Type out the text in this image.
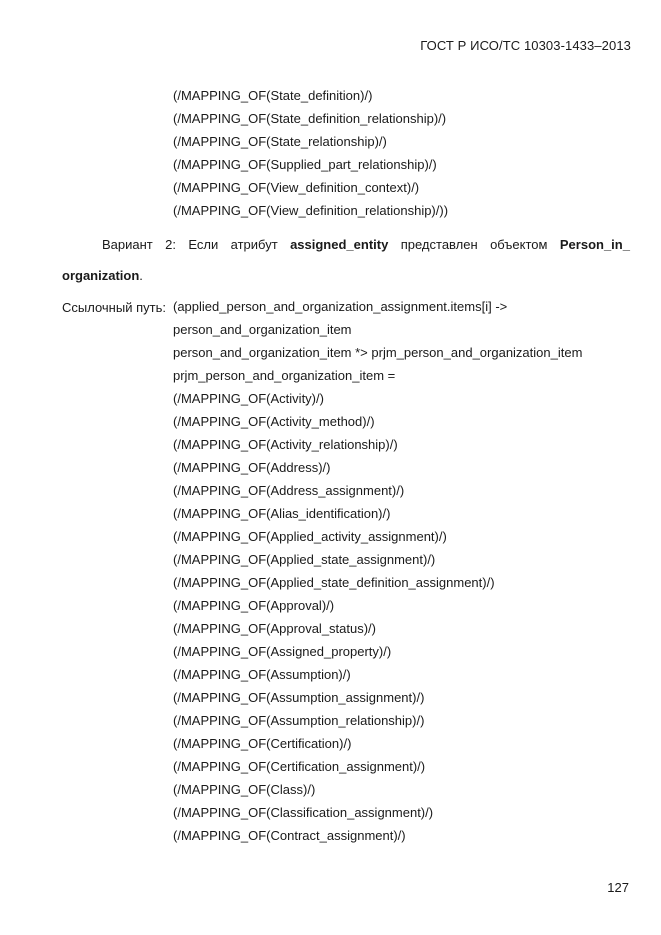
ГОСТ Р ИСО/ТС 10303-1433–2013
(/MAPPING_OF(State_definition)/)
(/MAPPING_OF(State_definition_relationship)/)
(/MAPPING_OF(State_relationship)/)
(/MAPPING_OF(Supplied_part_relationship)/)
(/MAPPING_OF(View_definition_context)/)
(/MAPPING_OF(View_definition_relationship)/))
Вариант 2: Если атрибут assigned_entity представлен объектом Person_in_
organization.
Ссылочный путь: (applied_person_and_organization_assignment.items[i] ->
person_and_organization_item
person_and_organization_item *> prjm_person_and_organization_item
prjm_person_and_organization_item =
(/MAPPING_OF(Activity)/)
(/MAPPING_OF(Activity_method)/)
(/MAPPING_OF(Activity_relationship)/)
(/MAPPING_OF(Address)/)
(/MAPPING_OF(Address_assignment)/)
(/MAPPING_OF(Alias_identification)/)
(/MAPPING_OF(Applied_activity_assignment)/)
(/MAPPING_OF(Applied_state_assignment)/)
(/MAPPING_OF(Applied_state_definition_assignment)/)
(/MAPPING_OF(Approval)/)
(/MAPPING_OF(Approval_status)/)
(/MAPPING_OF(Assigned_property)/)
(/MAPPING_OF(Assumption)/)
(/MAPPING_OF(Assumption_assignment)/)
(/MAPPING_OF(Assumption_relationship)/)
(/MAPPING_OF(Certification)/)
(/MAPPING_OF(Certification_assignment)/)
(/MAPPING_OF(Class)/)
(/MAPPING_OF(Classification_assignment)/)
(/MAPPING_OF(Contract_assignment)/)
127
